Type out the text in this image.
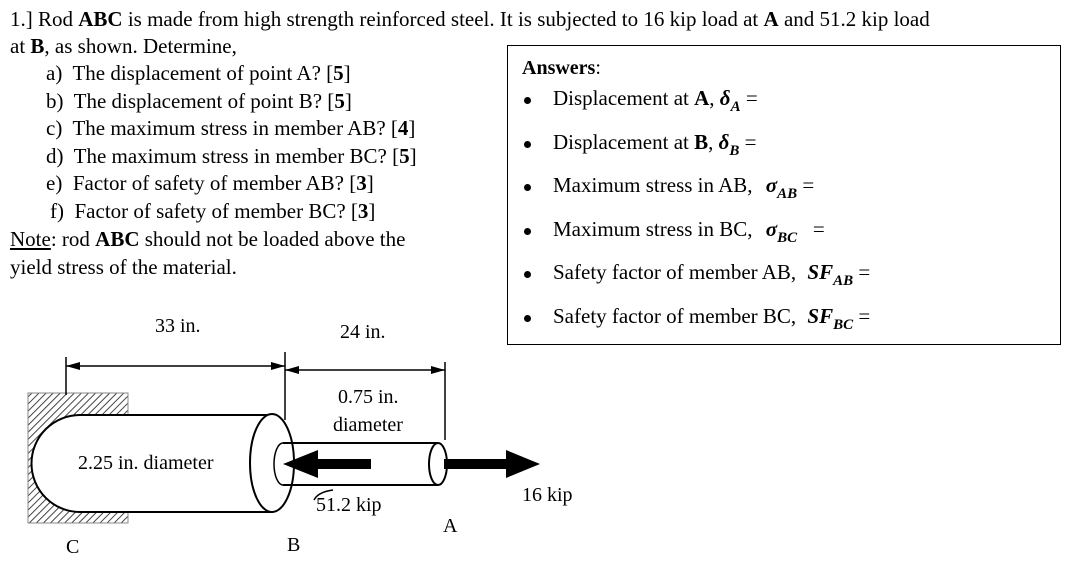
1.] Rod ABC is made from high strength reinforced steel. It is subjected to 16 kip load at A and 51.2 kip load
at B, as shown. Determine,
a) The displacement of point A? [5]
b) The displacement of point B? [5]
c) The maximum stress in member AB? [4]
d) The maximum stress in member BC? [5]
e) Factor of safety of member AB? [3]
f) Factor of safety of member BC? [3]
Note: rod ABC should not be loaded above the
yield stress of the material.
Answers:
Displacement at A, $\delta_A$ =
Displacement at B, $\delta_B$ =
Maximum stress in AB, $\sigma_{AB}$ =
Maximum stress in BC, $\sigma_{BC}$   =
Safety factor of member AB, $SF_{AB}$ =
Safety factor of member BC, $SF_{BC}$ =
33 in.	24 in.
0.75 in.
diameter
2.25 in. diameter
51.2 kip	16 kip
C	B
A
